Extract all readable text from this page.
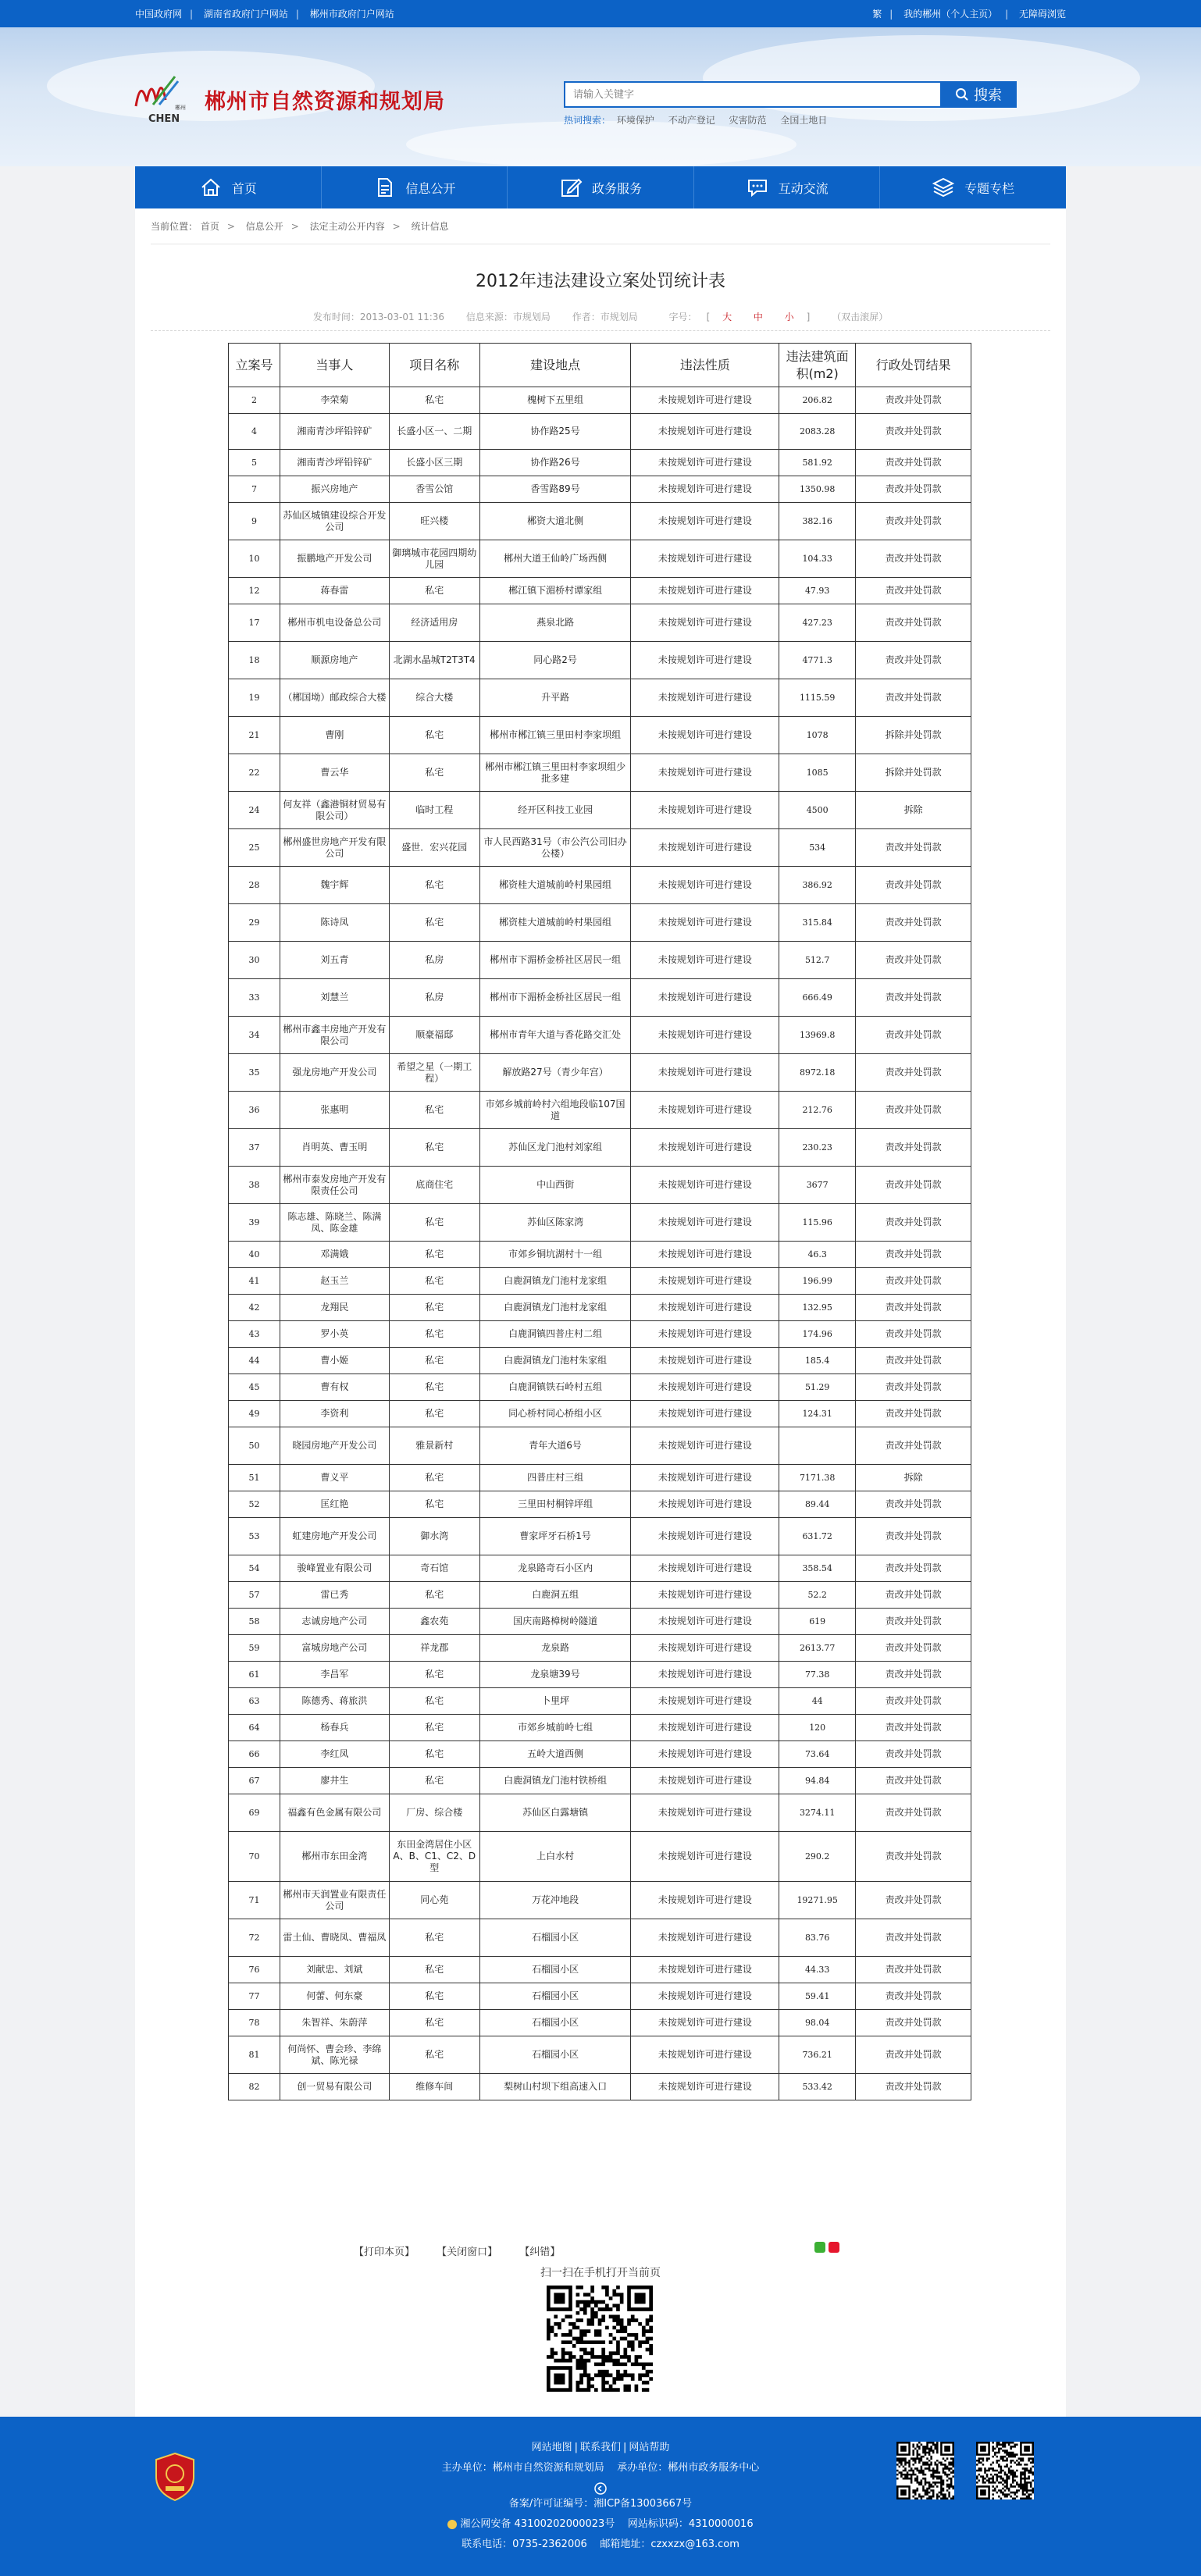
中国政府网 | 湖南省政府门户网站 | 郴州市政府门户网站	繁 | 我的郴州（个人主页） | 无障碍浏览
郴州
CHEN
郴州市自然资源和规划局
请输入关键字	搜索
热词搜索： 环境保护 不动产登记 灾害防范 全国土地日
首页	信息公开	政务服务	互动交流	专题专栏
当前位置： 首页 > 信息公开 > 法定主动公开内容 > 统计信息
2012年违法建设立案处罚统计表
发布时间：2013-03-01 11:36 信息来源：市规划局 作者：市规划局	字号： [ 大 中 小 ] （双击滚屏）
立案号	当事人	项目名称	建设地点	违法性质	违法建筑面积(m2)	行政处罚结果
2	李荣菊	私宅	槐树下五里组	未按规划许可进行建设	206.82	责改并处罚款
4	湘南青沙坪铅锌矿	长盛小区一、二期	协作路25号	未按规划许可进行建设	2083.28	责改并处罚款
5	湘南青沙坪铅锌矿	长盛小区三期	协作路26号	未按规划许可进行建设	581.92	责改并处罚款
7	振兴房地产	香雪公馆	香雪路89号	未按规划许可进行建设	1350.98	责改并处罚款
9	苏仙区城镇建设综合开发公司	旺兴楼	郴资大道北侧	未按规划许可进行建设	382.16	责改并处罚款
10	振鹏地产开发公司	御璃城市花园四期幼儿园	郴州大道王仙岭广场西侧	未按规划许可进行建设	104.33	责改并处罚款
12	蒋春雷	私宅	郴江镇下湄桥村谭家组	未按规划许可进行建设	47.93	责改并处罚款
17	郴州市机电设备总公司	经济适用房	燕泉北路	未按规划许可进行建设	427.23	责改并处罚款
18	顺源房地产	北湖水晶城T2T3T4	同心路2号	未按规划许可进行建设	4771.3	责改并处罚款
19	（郴国坳）邮政综合大楼	综合大楼	升平路	未按规划许可进行建设	1115.59	责改并处罚款
21	曹刚	私宅	郴州市郴江镇三里田村李家坝组	未按规划许可进行建设	1078	拆除并处罚款
22	曹云华	私宅	郴州市郴江镇三里田村李家坝组少批多建	未按规划许可进行建设	1085	拆除并处罚款
24	何友祥（鑫港铜材贸易有限公司）	临时工程	经开区科技工业园	未按规划许可进行建设	4500	拆除
25	郴州盛世房地产开发有限公司	盛世．宏兴花园	市人民西路31号（市公汽公司旧办公楼）	未按规划许可进行建设	534	责改并处罚款
28	魏宇辉	私宅	郴资桂大道城前岭村果园组	未按规划许可进行建设	386.92	责改并处罚款
29	陈诗凤	私宅	郴资桂大道城前岭村果园组	未按规划许可进行建设	315.84	责改并处罚款
30	刘五青	私房	郴州市下湄桥金桥社区居民一组	未按规划许可进行建设	512.7	责改并处罚款
33	刘慧兰	私房	郴州市下湄桥金桥社区居民一组	未按规划许可进行建设	666.49	责改并处罚款
34	郴州市鑫丰房地产开发有限公司	顺豪福邸	郴州市青年大道与香花路交汇处	未按规划许可进行建设	13969.8	责改并处罚款
35	强龙房地产开发公司	希望之星（一期工程）	解放路27号（青少年宫）	未按规划许可进行建设	8972.18	责改并处罚款
36	张惠明	私宅	市郊乡城前岭村六组地段临107国道	未按规划许可进行建设	212.76	责改并处罚款
37	肖明英、曹玉明	私宅	苏仙区龙门池村刘家组	未按规划许可进行建设	230.23	责改并处罚款
38	郴州市泰发房地产开发有限责任公司	底商住宅	中山西街	未按规划许可进行建设	3677	责改并处罚款
39	陈志雄、陈晓兰、陈满凤、陈金雄	私宅	苏仙区陈家湾	未按规划许可进行建设	115.96	责改并处罚款
40	邓满娥	私宅	市郊乡铜坑湖村十一组	未按规划许可进行建设	46.3	责改并处罚款
41	赵玉兰	私宅	白鹿洞镇龙门池村龙家组	未按规划许可进行建设	196.99	责改并处罚款
42	龙翔民	私宅	白鹿洞镇龙门池村龙家组	未按规划许可进行建设	132.95	责改并处罚款
43	罗小英	私宅	白鹿洞镇四普庄村二组	未按规划许可进行建设	174.96	责改并处罚款
44	曹小姬	私宅	白鹿洞镇龙门池村朱家组	未按规划许可进行建设	185.4	责改并处罚款
45	曹有权	私宅	白鹿洞镇铁石岭村五组	未按规划许可进行建设	51.29	责改并处罚款
49	李资利	私宅	同心桥村同心桥组小区	未按规划许可进行建设	124.31	责改并处罚款
50	晓园房地产开发公司	雅景新村	青年大道6号	未按规划许可进行建设		责改并处罚款
51	曹义平	私宅	四普庄村三组	未按规划许可进行建设	7171.38	拆除
52	匡红艳	私宅	三里田村桐锌坪组	未按规划许可进行建设	89.44	责改并处罚款
53	虹建房地产开发公司	御水湾	曹家坪牙石桥1号	未按规划许可进行建设	631.72	责改并处罚款
54	骏峰置业有限公司	奇石馆	龙泉路奇石小区内	未按规划许可进行建设	358.54	责改并处罚款
57	雷已秀	私宅	白鹿洞五组	未按规划许可进行建设	52.2	责改并处罚款
58	志诚房地产公司	鑫农苑	国庆南路樟树岭隧道	未按规划许可进行建设	619	责改并处罚款
59	富城房地产公司	祥龙郡	龙泉路	未按规划许可进行建设	2613.77	责改并处罚款
61	李昌军	私宅	龙泉塘39号	未按规划许可进行建设	77.38	责改并处罚款
63	陈德秀、蒋旅洪	私宅	卜里坪	未按规划许可进行建设	44	责改并处罚款
64	杨春兵	私宅	市郊乡城前岭七组	未按规划许可进行建设	120	责改并处罚款
66	李红凤	私宅	五岭大道西侧	未按规划许可进行建设	73.64	责改并处罚款
67	廖井生	私宅	白鹿洞镇龙门池村铁桥组	未按规划许可进行建设	94.84	责改并处罚款
69	福鑫有色金属有限公司	厂房、综合楼	苏仙区白露塘镇	未按规划许可进行建设	3274.11	责改并处罚款
70	郴州市东田金湾	东田金湾居住小区A、B、C1、C2、D型	上白水村	未按规划许可进行建设	290.2	责改并处罚款
71	郴州市天润置业有限责任公司	同心苑	万花冲地段	未按规划许可进行建设	19271.95	责改并处罚款
72	雷土仙、曹晓凤、曹福凤	私宅	石榴园小区	未按规划许可进行建设	83.76	责改并处罚款
76	刘献忠、刘斌	私宅	石榴园小区	未按规划许可进行建设	44.33	责改并处罚款
77	何蕾、何东豪	私宅	石榴园小区	未按规划许可进行建设	59.41	责改并处罚款
78	朱智祥、朱蔚萍	私宅	石榴园小区	未按规划许可进行建设	98.04	责改并处罚款
81	何尚怀、曹会珍、李绵斌、陈光禄	私宅	石榴园小区	未按规划许可进行建设	736.21	责改并处罚款
82	创一贸易有限公司	维修车间	梨树山村坝下组高速入口	未按规划许可进行建设	533.42	责改并处罚款
【打印本页】 【关闭窗口】 【纠错】
扫一扫在手机打开当前页
网站地图 | 联系我们 | 网站帮助
主办单位：郴州市自然资源和规划局 承办单位：郴州市政务服务中心
备案/许可证编号：湘ICP备13003667号
湘公网安备 43100202000023号 网站标识码：4310000016
联系电话：0735-2362006 邮箱地址：czxxzx@163.com
